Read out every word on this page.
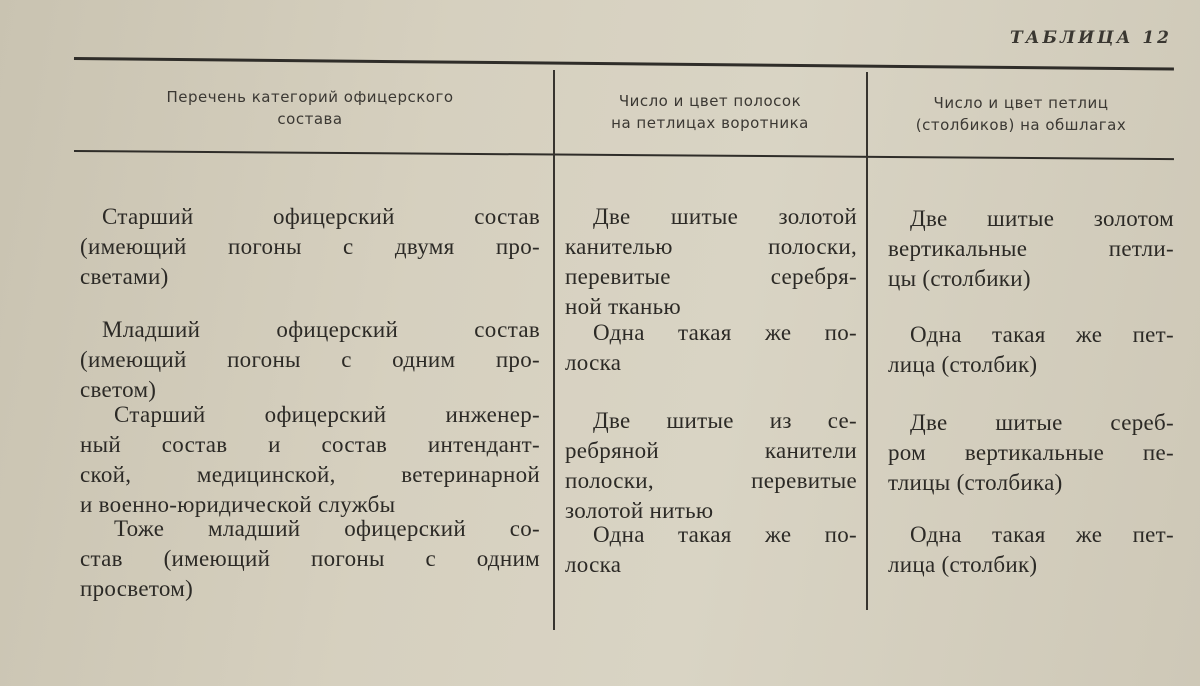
ТАБЛИЦА 12
Перечень категорий офицерского
состава
Число и цвет полосок
на петлицах воротника
Число и цвет петлиц
(столбиков) на обшлагах
Старший офицерский состав
(имеющий погоны с двумя про-
светами)
Две шитые золотой
канителью полоски,
перевитые серебря-
ной тканью
Две шитые золотом
вертикальные петли-
цы (столбики)
Младший офицерский состав
(имеющий погоны с одним про-
светом)
Одна такая же по-
лоска
Одна такая же пет-
лица (столбик)
Старший офицерский инженер-
ный состав и состав интендант-
ской, медицинской, ветеринарной
и военно-юридической службы
Две шитые из се-
ребряной канители
полоски, перевитые
золотой нитью
Две шитые сереб-
ром вертикальные пе-
тлицы (столбика)
Тоже младший офицерский со-
став (имеющий погоны с одним
просветом)
Одна такая же по-
лоска
Одна такая же пет-
лица (столбик)
